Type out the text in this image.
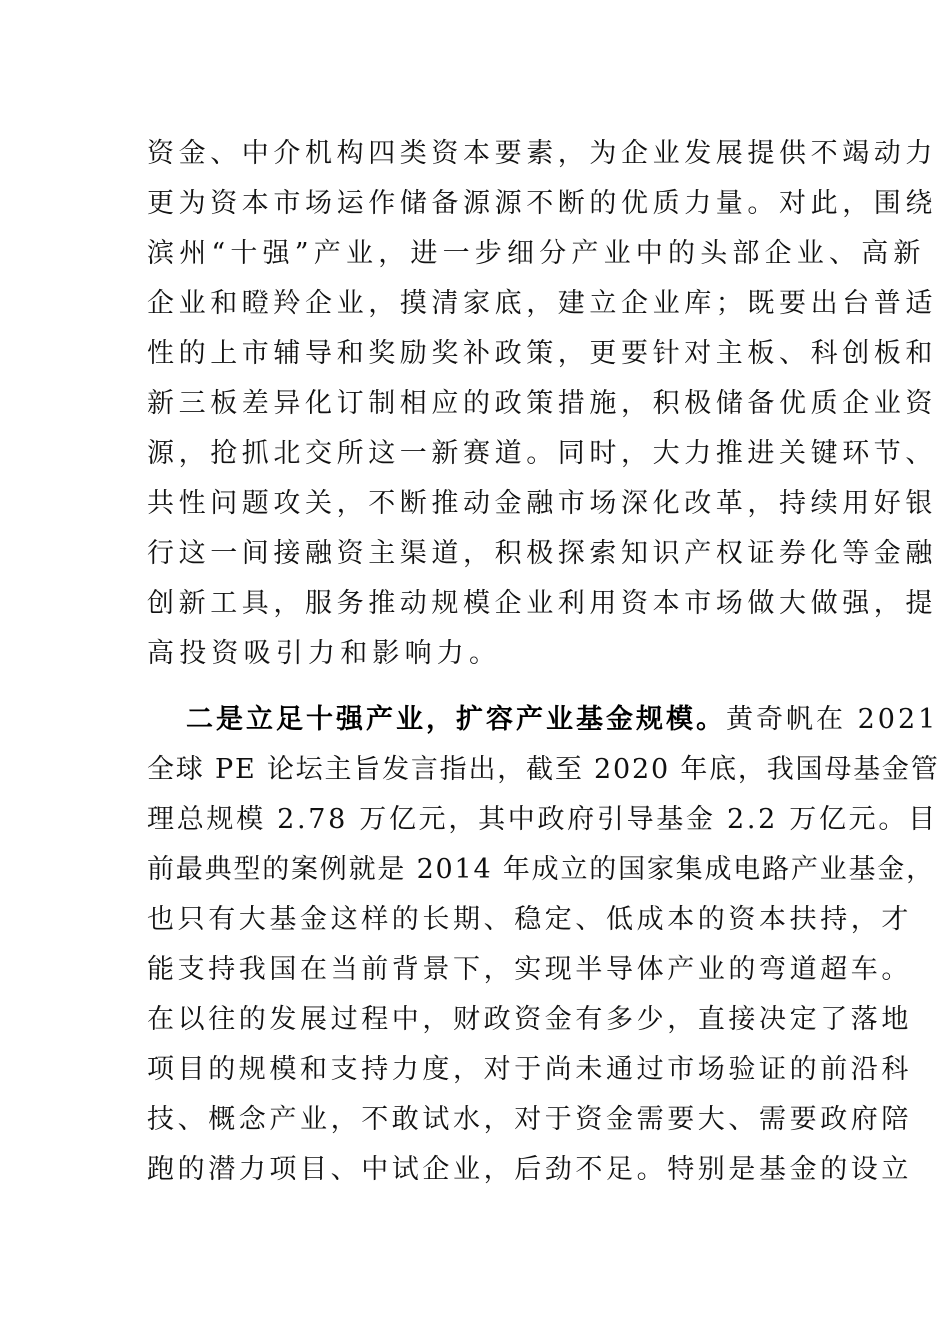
资金、中介机构四类资本要素，为企业发展提供不竭动力
更为资本市场运作储备源源不断的优质力量。对此，围绕
滨州“十强”产业，进一步细分产业中的头部企业、高新
企业和瞪羚企业，摸清家底，建立企业库；既要出台普适
性的上市辅导和奖励奖补政策，更要针对主板、科创板和
新三板差异化订制相应的政策措施，积极储备优质企业资
源，抢抓北交所这一新赛道。同时，大力推进关键环节、
共性问题攻关，不断推动金融市场深化改革，持续用好银
行这一间接融资主渠道，积极探索知识产权证券化等金融
创新工具，服务推动规模企业利用资本市场做大做强，提
高投资吸引力和影响力。
二是立足十强产业，扩容产业基金规模。黄奇帆在 2021
全球 PE 论坛主旨发言指出，截至 2020 年底，我国母基金管
理总规模 2.78 万亿元，其中政府引导基金 2.2 万亿元。目
前最典型的案例就是 2014 年成立的国家集成电路产业基金，
也只有大基金这样的长期、稳定、低成本的资本扶持，才
能支持我国在当前背景下，实现半导体产业的弯道超车。
在以往的发展过程中，财政资金有多少，直接决定了落地
项目的规模和支持力度，对于尚未通过市场验证的前沿科
技、概念产业，不敢试水，对于资金需要大、需要政府陪
跑的潜力项目、中试企业，后劲不足。特别是基金的设立
